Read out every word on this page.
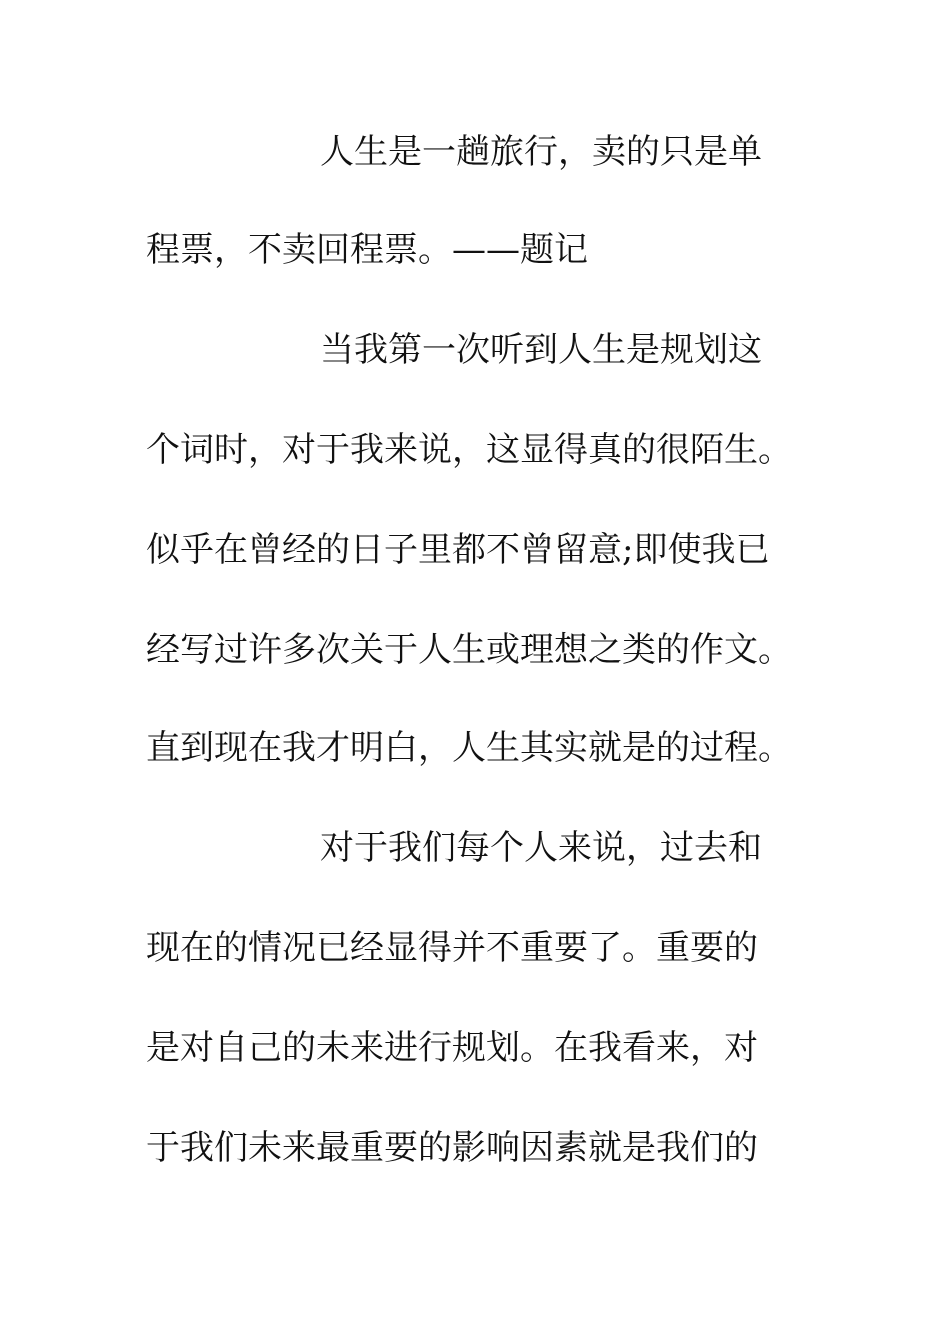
人生是一趟旅行，卖的只是单
程票，不卖回程票。——题记
当我第一次听到人生是规划这
个词时，对于我来说，这显得真的很陌生。
似乎在曾经的日子里都不曾留意;即使我已
经写过许多次关于人生或理想之类的作文。
直到现在我才明白，人生其实就是的过程。
对于我们每个人来说，过去和
现在的情况已经显得并不重要了。重要的
是对自己的未来进行规划。在我看来，对
于我们未来最重要的影响因素就是我们的
